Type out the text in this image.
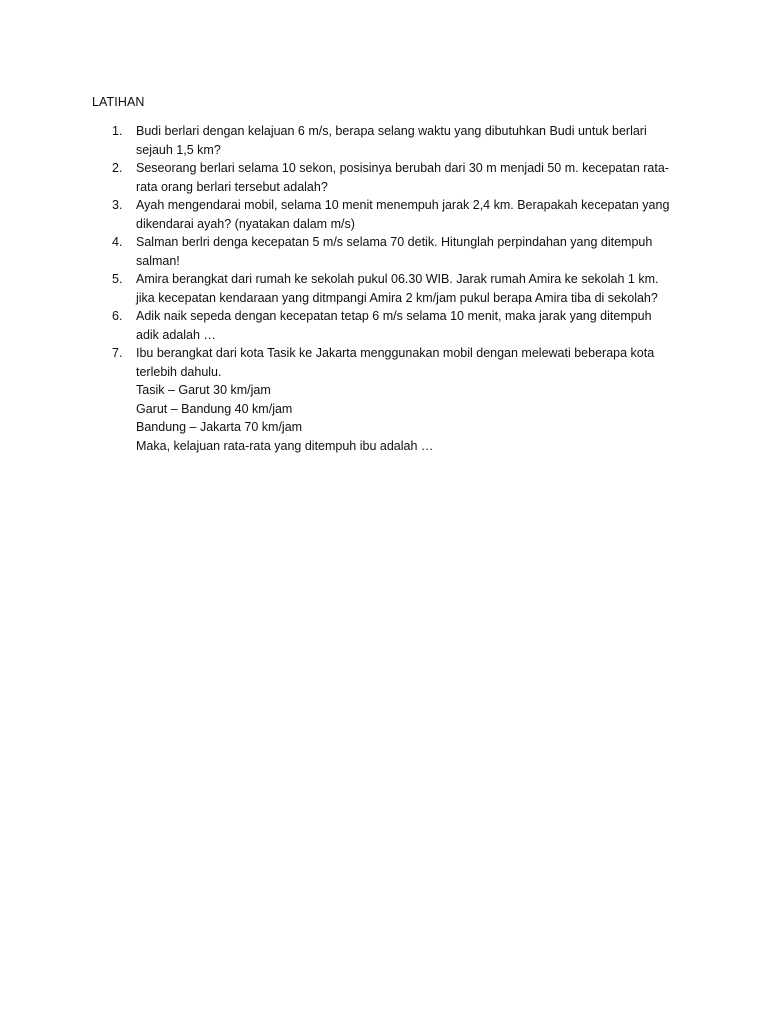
LATIHAN
1. Budi berlari dengan kelajuan 6 m/s, berapa selang waktu yang dibutuhkan Budi untuk berlari
sejauh 1,5 km?
2. Seseorang berlari selama 10 sekon, posisinya berubah dari 30 m menjadi 50 m. kecepatan rata-
rata orang berlari tersebut adalah?
3. Ayah mengendarai mobil, selama 10 menit menempuh jarak 2,4 km. Berapakah kecepatan yang
dikendarai ayah? (nyatakan dalam m/s)
4. Salman berlri denga kecepatan 5 m/s selama 70 detik. Hitunglah perpindahan yang ditempuh
salman!
5. Amira berangkat dari rumah ke sekolah pukul 06.30 WIB. Jarak rumah Amira ke sekolah 1 km.
jika kecepatan kendaraan yang ditmpangi Amira 2 km/jam pukul berapa Amira tiba di sekolah?
6. Adik naik sepeda dengan kecepatan tetap 6 m/s selama 10 menit, maka jarak yang ditempuh
adik adalah …
7. Ibu berangkat dari kota Tasik ke Jakarta menggunakan mobil dengan melewati beberapa kota
terlebih dahulu.
Tasik – Garut 30 km/jam
Garut – Bandung 40 km/jam
Bandung – Jakarta 70 km/jam
Maka, kelajuan rata-rata yang ditempuh ibu adalah …
